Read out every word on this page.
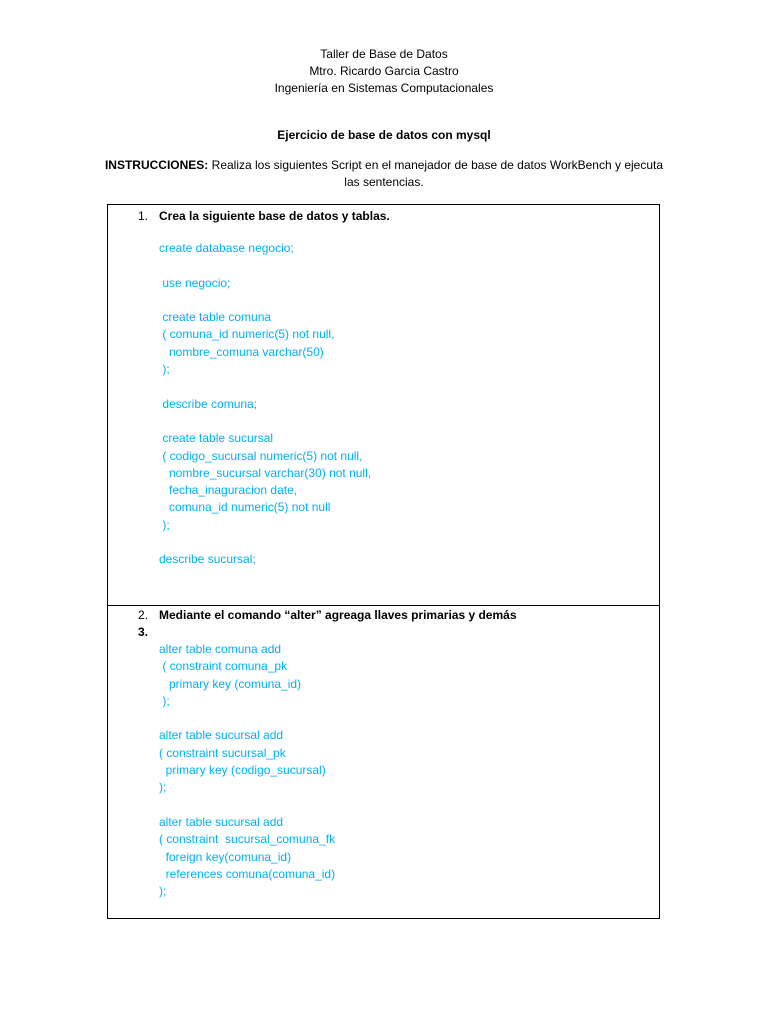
Taller de Base de Datos
Mtro. Ricardo Garcia Castro
Ingeniería en Sistemas Computacionales
Ejercicio de base de datos con mysql
INSTRUCCIONES: Realiza los siguientes Script en el manejador de base de datos WorkBench y ejecuta las sentencias.
1. Crea la siguiente base de datos y tablas.
create database negocio;
use negocio;
create table comuna
( comuna_id numeric(5) not null,
nombre_comuna varchar(50)
);
describe comuna;
create table sucursal
( codigo_sucursal numeric(5) not null,
nombre_sucursal varchar(30) not null,
fecha_inaguracion date,
comuna_id numeric(5) not null
);
describe sucursal;
2. Mediante el comando “alter” agreaga llaves primarias y demás
3.
alter table comuna add
( constraint comuna_pk
primary key (comuna_id)
);
alter table sucursal add
( constraint sucursal_pk
primary key (codigo_sucursal)
);
alter table sucursal add
( constraint  sucursal_comuna_fk
foreign key(comuna_id)
references comuna(comuna_id)
);
